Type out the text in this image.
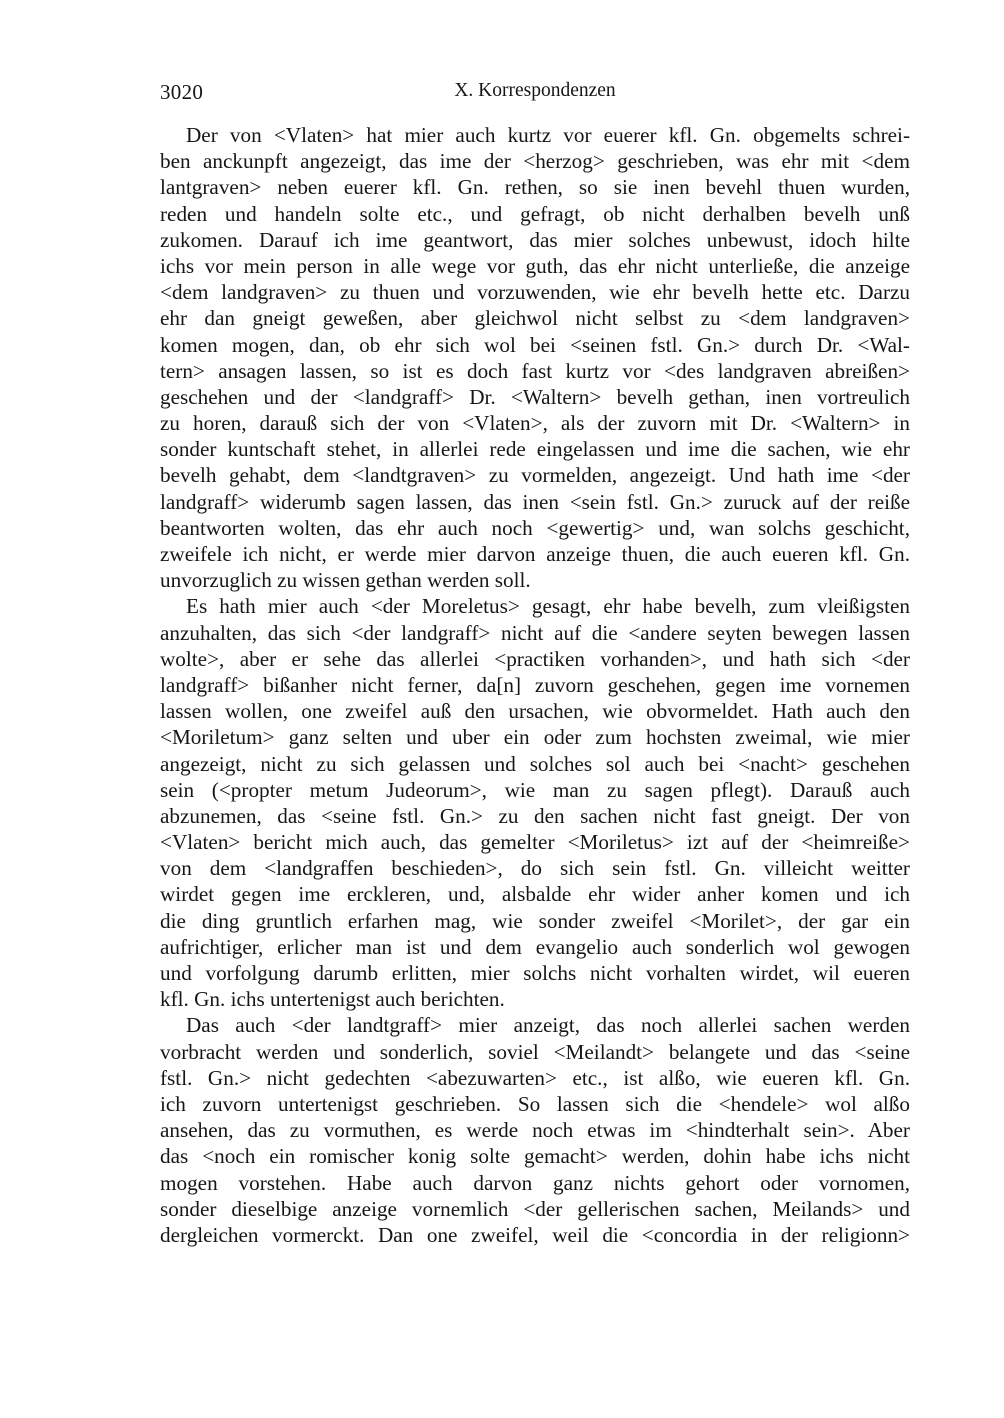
3020	X. Korrespondenzen
Der von <Vlaten> hat mier auch kurtz vor euerer kfl. Gn. obgemelts schrei-
ben anckunpft angezeigt, das ime der <herzog> geschrieben, was ehr mit <dem
lantgraven> neben euerer kfl. Gn. rethen, so sie inen bevehl thuen wurden,
reden und handeln solte etc., und gefragt, ob nicht derhalben bevelh unß
zukomen. Darauf ich ime geantwort, das mier solches unbewust, idoch hilte
ichs vor mein person in alle wege vor guth, das ehr nicht unterließe, die anzeige
<dem landgraven> zu thuen und vorzuwenden, wie ehr bevelh hette etc. Darzu
ehr dan gneigt geweßen, aber gleichwol nicht selbst zu <dem landgraven>
komen mogen, dan, ob ehr sich wol bei <seinen fstl. Gn.> durch Dr. <Wal-
tern> ansagen lassen, so ist es doch fast kurtz vor <des landgraven abreißen>
geschehen und der <landgraff> Dr. <Waltern> bevelh gethan, inen vortreulich
zu horen, darauß sich der von <Vlaten>, als der zuvorn mit Dr. <Waltern> in
sonder kuntschaft stehet, in allerlei rede eingelassen und ime die sachen, wie ehr
bevelh gehabt, dem <landtgraven> zu vormelden, angezeigt. Und hath ime <der
landgraff> widerumb sagen lassen, das inen <sein fstl. Gn.> zuruck auf der reiße
beantworten wolten, das ehr auch noch <gewertig> und, wan solchs geschicht,
zweifele ich nicht, er werde mier darvon anzeige thuen, die auch eueren kfl. Gn.
unvorzuglich zu wissen gethan werden soll.
Es hath mier auch <der Moreletus> gesagt, ehr habe bevelh, zum vleißigsten
anzuhalten, das sich <der landgraff> nicht auf die <andere seyten bewegen lassen
wolte>, aber er sehe das allerlei <practiken vorhanden>, und hath sich <der
landgraff> bißanher nicht ferner, da[n] zuvorn geschehen, gegen ime vornemen
lassen wollen, one zweifel auß den ursachen, wie obvormeldet. Hath auch den
<Moriletum> ganz selten und uber ein oder zum hochsten zweimal, wie mier
angezeigt, nicht zu sich gelassen und solches sol auch bei <nacht> geschehen
sein (<propter metum Judeorum>, wie man zu sagen pflegt). Darauß auch
abzunemen, das <seine fstl. Gn.> zu den sachen nicht fast gneigt. Der von
<Vlaten> bericht mich auch, das gemelter <Moriletus> izt auf der <heimreiße>
von dem <landgraffen beschieden>, do sich sein fstl. Gn. villeicht weitter
wirdet gegen ime erckleren, und, alsbalde ehr wider anher komen und ich
die ding gruntlich erfarhen mag, wie sonder zweifel <Morilet>, der gar ein
aufrichtiger, erlicher man ist und dem evangelio auch sonderlich wol gewogen
und vorfolgung darumb erlitten, mier solchs nicht vorhalten wirdet, wil eueren
kfl. Gn. ichs untertenigst auch berichten.
Das auch <der landtgraff> mier anzeigt, das noch allerlei sachen werden
vorbracht werden und sonderlich, soviel <Meilandt> belangete und das <seine
fstl. Gn.> nicht gedechten <abezuwarten> etc., ist alßo, wie eueren kfl. Gn.
ich zuvorn untertenigst geschrieben. So lassen sich die <hendele> wol alßo
ansehen, das zu vormuthen, es werde noch etwas im <hindterhalt sein>. Aber
das <noch ein romischer konig solte gemacht> werden, dohin habe ichs nicht
mogen vorstehen. Habe auch darvon ganz nichts gehort oder vornomen,
sonder dieselbige anzeige vornemlich <der gellerischen sachen, Meilands> und
dergleichen vormerckt. Dan one zweifel, weil die <concordia in der religionn>
